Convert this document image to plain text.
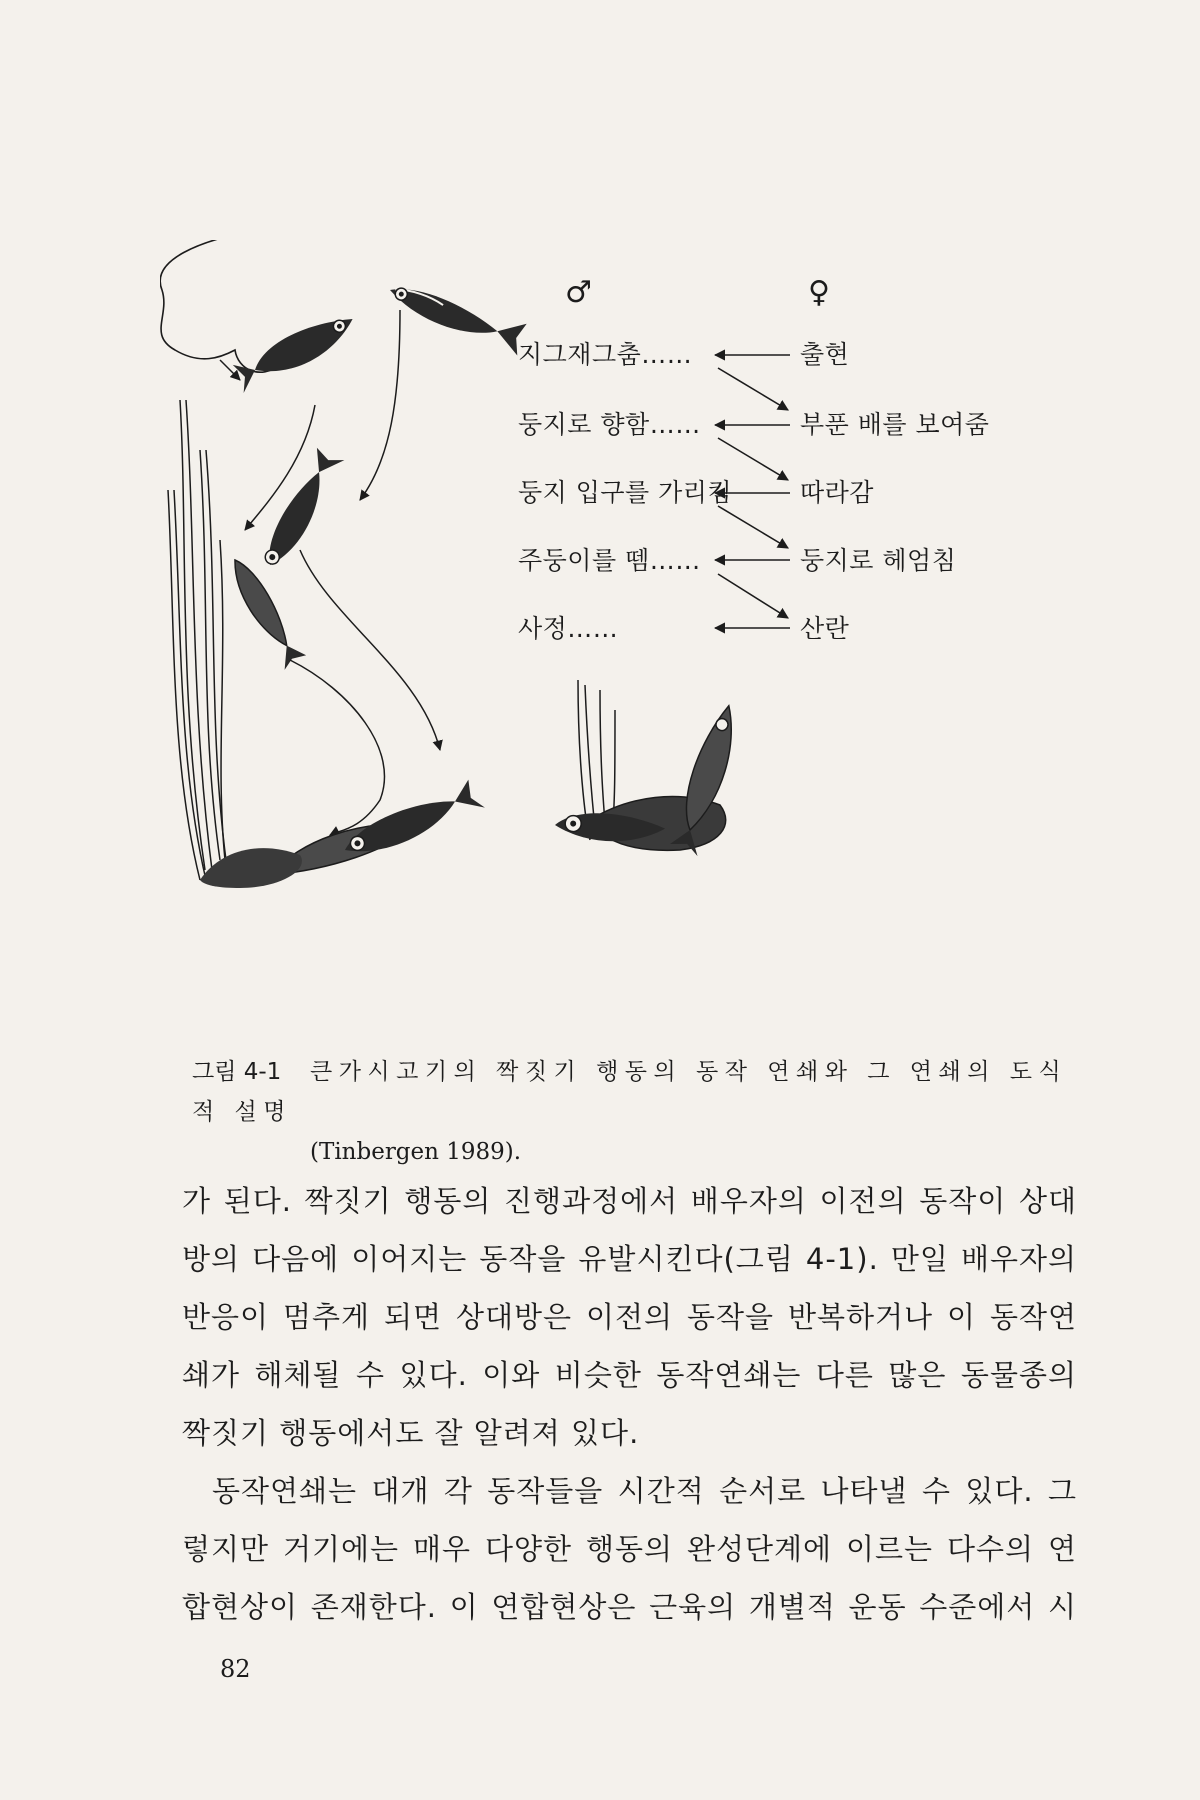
♂	♀
지그재그춤……
둥지로 향함……
둥지 입구를 가리킴
주둥이를 뗌……
사정……
출현
부푼 배를 보여줌
따라감
둥지로 헤엄침
산란
그림 4-1 큰가시고기의 짝짓기 행동의 동작 연쇄와 그 연쇄의 도식적 설명
(Tinbergen 1989).
가 된다. 짝짓기 행동의 진행과정에서 배우자의 이전의 동작이 상대
방의 다음에 이어지는 동작을 유발시킨다(그림 4-1). 만일 배우자의
반응이 멈추게 되면 상대방은 이전의 동작을 반복하거나 이 동작연
쇄가 해체될 수 있다. 이와 비슷한 동작연쇄는 다른 많은 동물종의
짝짓기 행동에서도 잘 알려져 있다.
동작연쇄는 대개 각 동작들을 시간적 순서로 나타낼 수 있다. 그
렇지만 거기에는 매우 다양한 행동의 완성단계에 이르는 다수의 연
합현상이 존재한다. 이 연합현상은 근육의 개별적 운동 수준에서 시
82
